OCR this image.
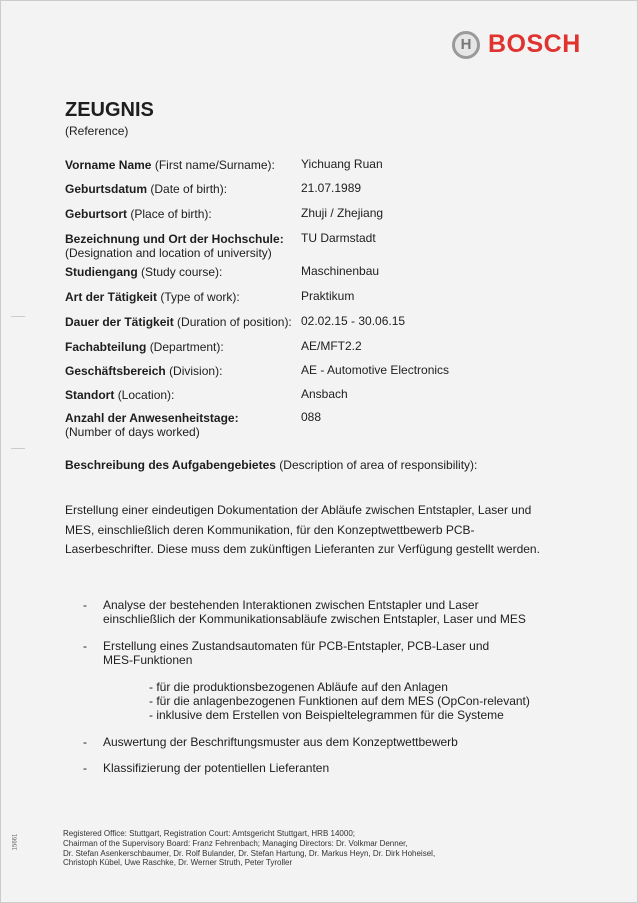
H BOSCH
ZEUGNIS
(Reference)
Vorname Name (First name/Surname): Yichuang Ruan
Geburtsdatum (Date of birth):	21.07.1989
Geburtsort (Place of birth):	Zhuji / Zhejiang
Bezeichnung und Ort der Hochschule:
(Designation and location of university)
TU Darmstadt
Studiengang (Study course):	Maschinenbau
Art der Tätigkeit (Type of work):	Praktikum
Dauer der Tätigkeit (Duration of position): 02.02.15 - 30.06.15
Fachabteilung (Department):	AE/MFT2.2
Geschäftsbereich (Division):	AE - Automotive Electronics
Standort (Location):	Ansbach
Anzahl der Anwesenheitstage:
(Number of days worked)
088
Beschreibung des Aufgabengebietes (Description of area of responsibility):
Erstellung einer eindeutigen Dokumentation der Abläufe zwischen Entstapler, Laser und MES, einschließlich deren Kommunikation, für den Konzeptwettbewerb PCB-Laserbeschrifter. Diese muss dem zukünftigen Lieferanten zur Verfügung gestellt werden.
- Analyse der bestehenden Interaktionen zwischen Entstapler und Laser
einschließlich der Kommunikationsabläufe zwischen Entstapler, Laser und MES
- Erstellung eines Zustandsautomaten für PCB-Entstapler, PCB-Laser und
MES-Funktionen
- Auswertung der Beschriftungsmuster aus dem Konzeptwettbewerb
- Klassifizierung der potentiellen Lieferanten
- für die produktionsbezogenen Abläufe auf den Anlagen
- für die anlagenbezogenen Funktionen auf dem MES (OpCon-relevant)
- inklusive dem Erstellen von Beispieltelegrammen für die Systeme
Registered Office: Stuttgart, Registration Court: Amtsgericht Stuttgart, HRB 14000;
Chairman of the Supervisory Board: Franz Fehrenbach; Managing Directors: Dr. Volkmar Denner,
Dr. Stefan Asenkerschbaumer, Dr. Rolf Bulander, Dr. Stefan Hartung, Dr. Markus Heyn, Dr. Dirk Hoheisel,
Christoph Kübel, Uwe Raschke, Dr. Werner Struth, Peter Tyroller
15661
